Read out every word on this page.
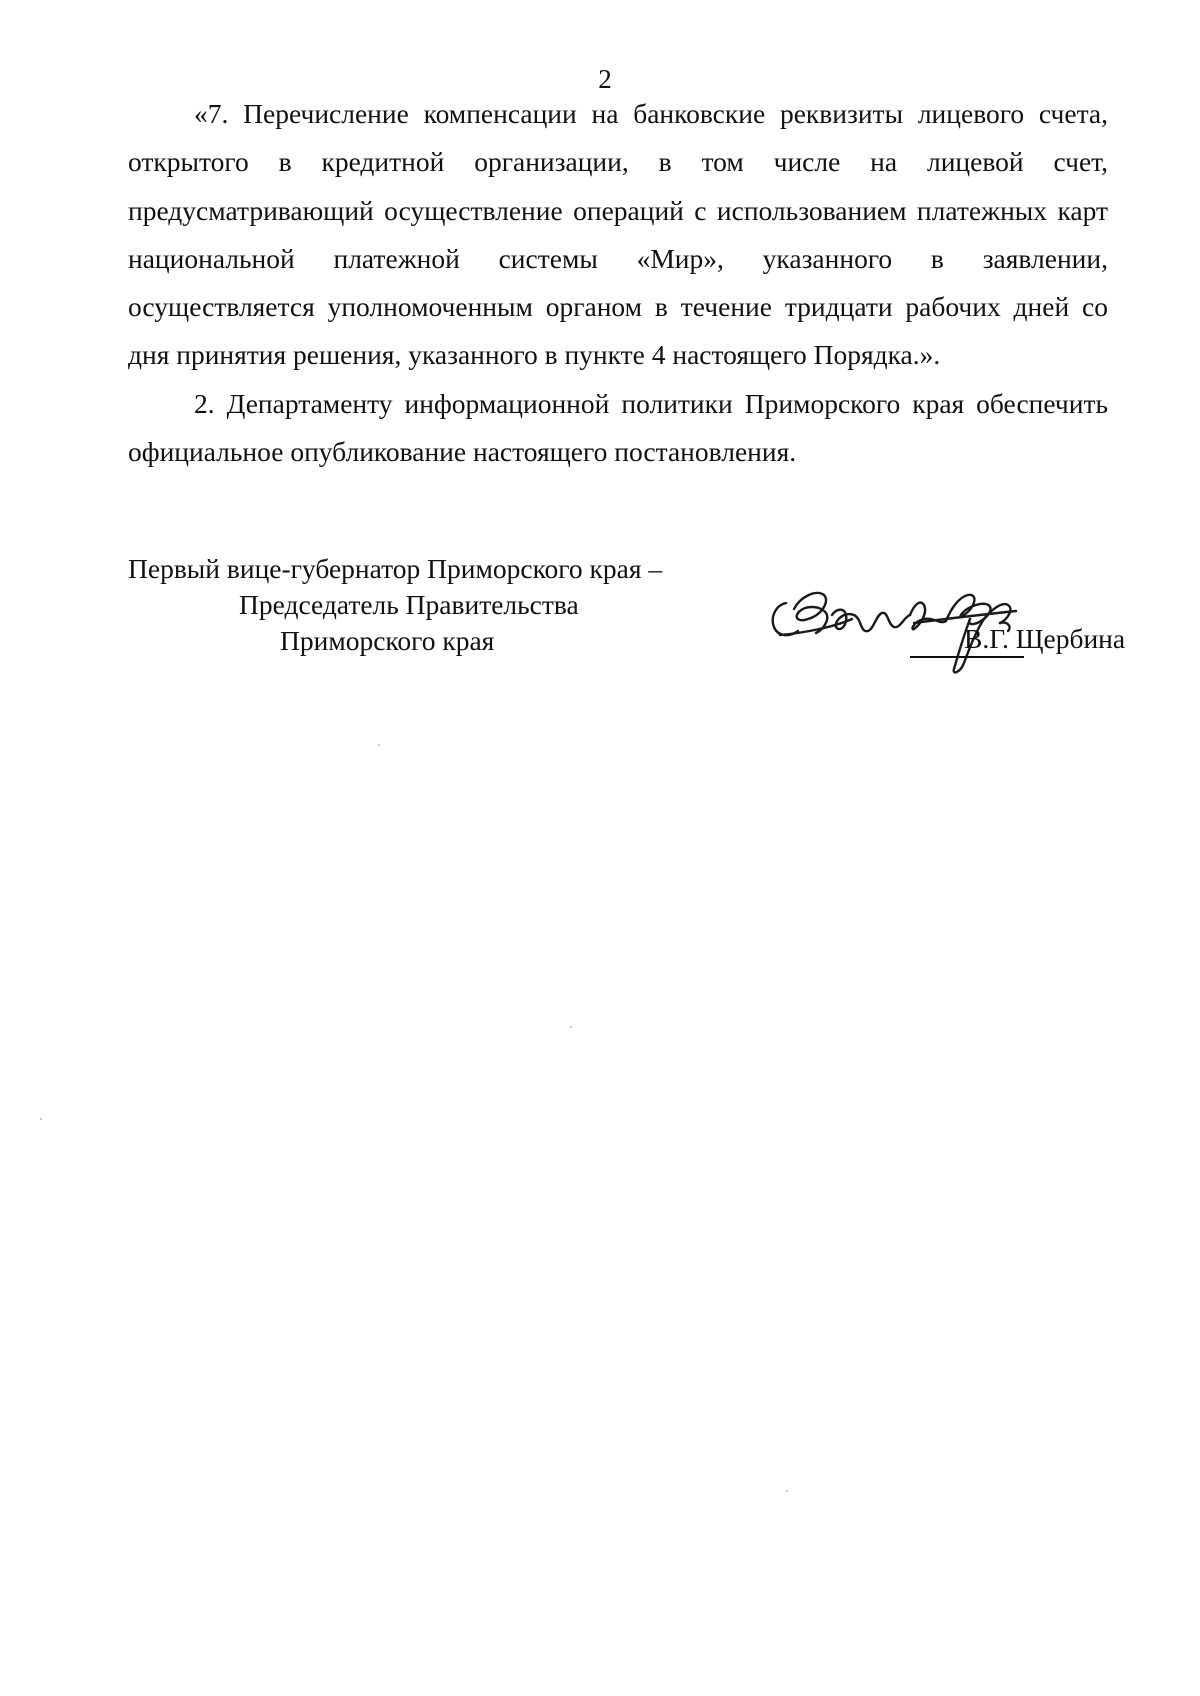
2

«7. Перечисление компенсации на банковские реквизиты лицевого счета, открытого в кредитной организации, в том числе на лицевой счет, предусматривающий осуществление операций с использованием платежных карт национальной платежной системы «Мир», указанного в заявлении, осуществляется уполномоченным органом в течение тридцати рабочих дней со дня принятия решения, указанного в пункте 4 настоящего Порядка.».

2. Департаменту информационной политики Приморского края обеспечить официальное опубликование настоящего постановления.

Первый вице-губернатор Приморского края –
Председатель Правительства
Приморского края	В.Г. Щербина
